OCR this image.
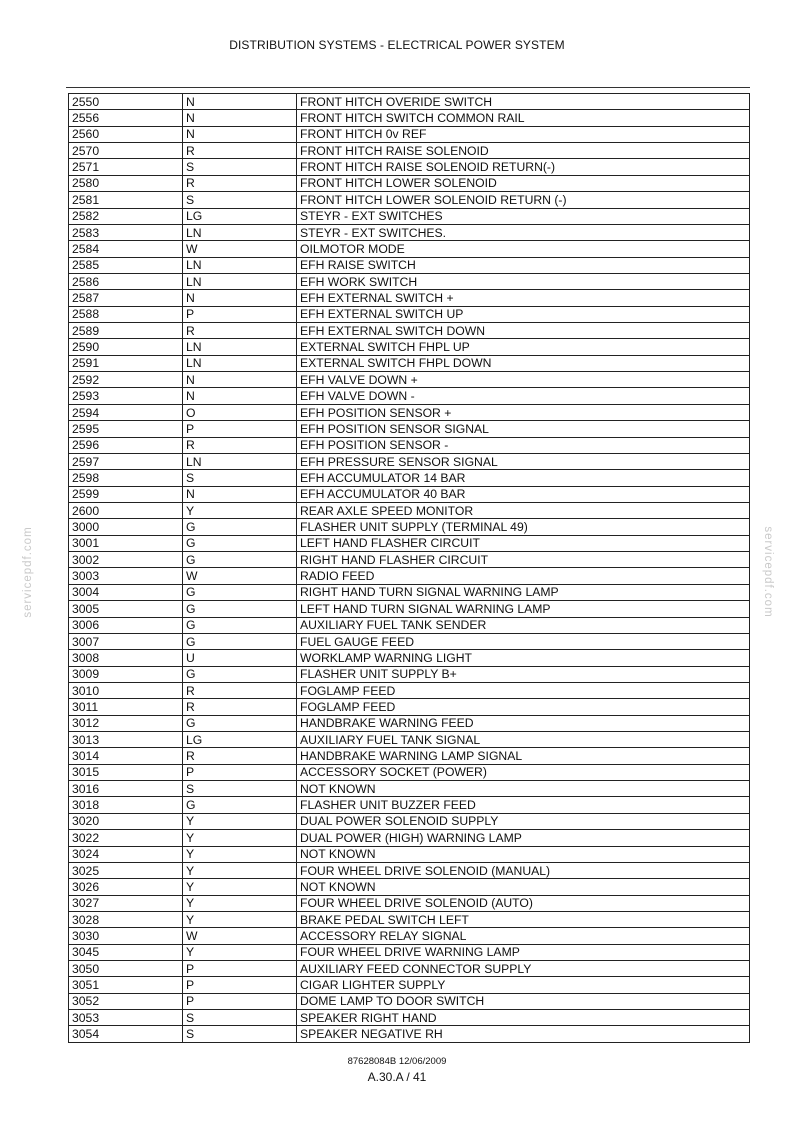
DISTRIBUTION SYSTEMS - ELECTRICAL POWER SYSTEM
servicepdf.com	servicepdf.com
2550	N	FRONT HITCH OVERIDE SWITCH
2556	N	FRONT HITCH SWITCH COMMON RAIL
2560	N	FRONT HITCH 0v REF
2570	R	FRONT HITCH RAISE SOLENOID
2571	S	FRONT HITCH RAISE SOLENOID RETURN(-)
2580	R	FRONT HITCH LOWER SOLENOID
2581	S	FRONT HITCH LOWER SOLENOID RETURN (-)
2582	LG	STEYR - EXT SWITCHES
2583	LN	STEYR - EXT SWITCHES.
2584	W	OILMOTOR MODE
2585	LN	EFH RAISE SWITCH
2586	LN	EFH WORK SWITCH
2587	N	EFH EXTERNAL SWITCH +
2588	P	EFH EXTERNAL SWITCH UP
2589	R	EFH EXTERNAL SWITCH DOWN
2590	LN	EXTERNAL SWITCH FHPL UP
2591	LN	EXTERNAL SWITCH FHPL DOWN
2592	N	EFH VALVE DOWN +
2593	N	EFH VALVE DOWN -
2594	O	EFH POSITION SENSOR +
2595	P	EFH POSITION SENSOR SIGNAL
2596	R	EFH POSITION SENSOR -
2597	LN	EFH PRESSURE SENSOR SIGNAL
2598	S	EFH ACCUMULATOR 14 BAR
2599	N	EFH ACCUMULATOR 40 BAR
2600	Y	REAR AXLE SPEED MONITOR
3000	G	FLASHER UNIT SUPPLY (TERMINAL 49)
3001	G	LEFT HAND FLASHER CIRCUIT
3002	G	RIGHT HAND FLASHER CIRCUIT
3003	W	RADIO FEED
3004	G	RIGHT HAND TURN SIGNAL WARNING LAMP
3005	G	LEFT HAND TURN SIGNAL WARNING LAMP
3006	G	AUXILIARY FUEL TANK SENDER
3007	G	FUEL GAUGE FEED
3008	U	WORKLAMP WARNING LIGHT
3009	G	FLASHER UNIT SUPPLY B+
3010	R	FOGLAMP FEED
3011	R	FOGLAMP FEED
3012	G	HANDBRAKE WARNING FEED
3013	LG	AUXILIARY FUEL TANK SIGNAL
3014	R	HANDBRAKE WARNING LAMP SIGNAL
3015	P	ACCESSORY SOCKET (POWER)
3016	S	NOT KNOWN
3018	G	FLASHER UNIT BUZZER FEED
3020	Y	DUAL POWER SOLENOID SUPPLY
3022	Y	DUAL POWER (HIGH) WARNING LAMP
3024	Y	NOT KNOWN
3025	Y	FOUR WHEEL DRIVE SOLENOID (MANUAL)
3026	Y	NOT KNOWN
3027	Y	FOUR WHEEL DRIVE SOLENOID (AUTO)
3028	Y	BRAKE PEDAL SWITCH LEFT
3030	W	ACCESSORY RELAY SIGNAL
3045	Y	FOUR WHEEL DRIVE WARNING LAMP
3050	P	AUXILIARY FEED CONNECTOR SUPPLY
3051	P	CIGAR LIGHTER SUPPLY
3052	P	DOME LAMP TO DOOR SWITCH
3053	S	SPEAKER RIGHT HAND
3054	S	SPEAKER NEGATIVE RH
87628084B 12/06/2009
A.30.A / 41
